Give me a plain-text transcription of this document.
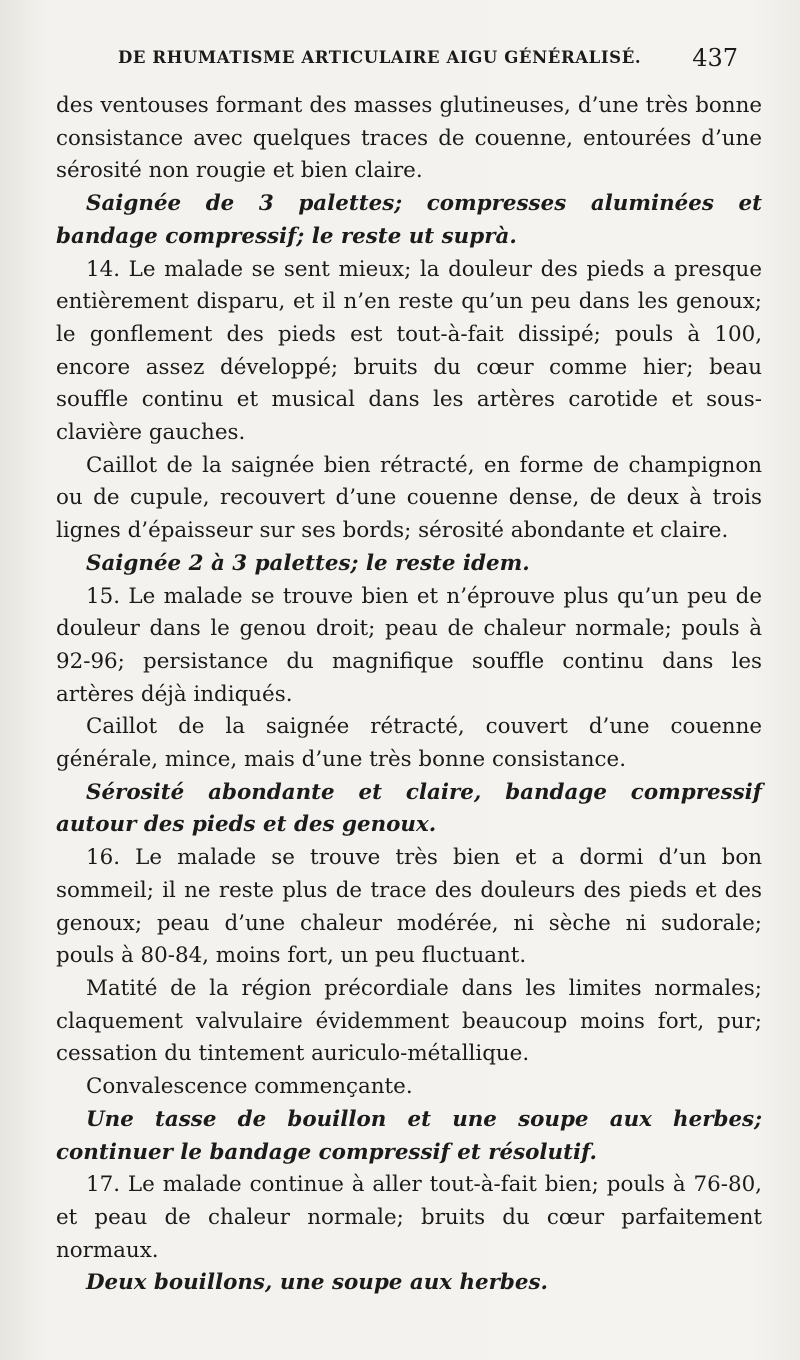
DE RHUMATISME ARTICULAIRE AIGU GÉNÉRALISÉ. 437

des ventouses formant des masses glutineuses, d’une très bonne consistance avec quelques traces de couenne, entourées d’une sérosité non rougie et bien claire.

Saignée de 3 palettes; compresses aluminées et bandage compressif; le reste ut suprà.

14. Le malade se sent mieux; la douleur des pieds a presque entièrement disparu, et il n’en reste qu’un peu dans les genoux; le gonflement des pieds est tout-à-fait dissipé; pouls à 100, encore assez développé; bruits du cœur comme hier; beau souffle continu et musical dans les artères carotide et sous-clavière gauches.

Caillot de la saignée bien rétracté, en forme de champignon ou de cupule, recouvert d’une couenne dense, de deux à trois lignes d’épaisseur sur ses bords; sérosité abondante et claire.

Saignée 2 à 3 palettes; le reste idem.

15. Le malade se trouve bien et n’éprouve plus qu’un peu de douleur dans le genou droit; peau de chaleur normale; pouls à 92-96; persistance du magnifique souffle continu dans les artères déjà indiqués.

Caillot de la saignée rétracté, couvert d’une couenne générale, mince, mais d’une très bonne consistance.

Sérosité abondante et claire, bandage compressif autour des pieds et des genoux.

16. Le malade se trouve très bien et a dormi d’un bon sommeil; il ne reste plus de trace des douleurs des pieds et des genoux; peau d’une chaleur modérée, ni sèche ni sudorale; pouls à 80-84, moins fort, un peu fluctuant.

Matité de la région précordiale dans les limites normales; claquement valvulaire évidemment beaucoup moins fort, pur; cessation du tintement auriculo-métallique.

Convalescence commençante.

Une tasse de bouillon et une soupe aux herbes; continuer le bandage compressif et résolutif.

17. Le malade continue à aller tout-à-fait bien; pouls à 76-80, et peau de chaleur normale; bruits du cœur parfaitement normaux.

Deux bouillons, une soupe aux herbes.
